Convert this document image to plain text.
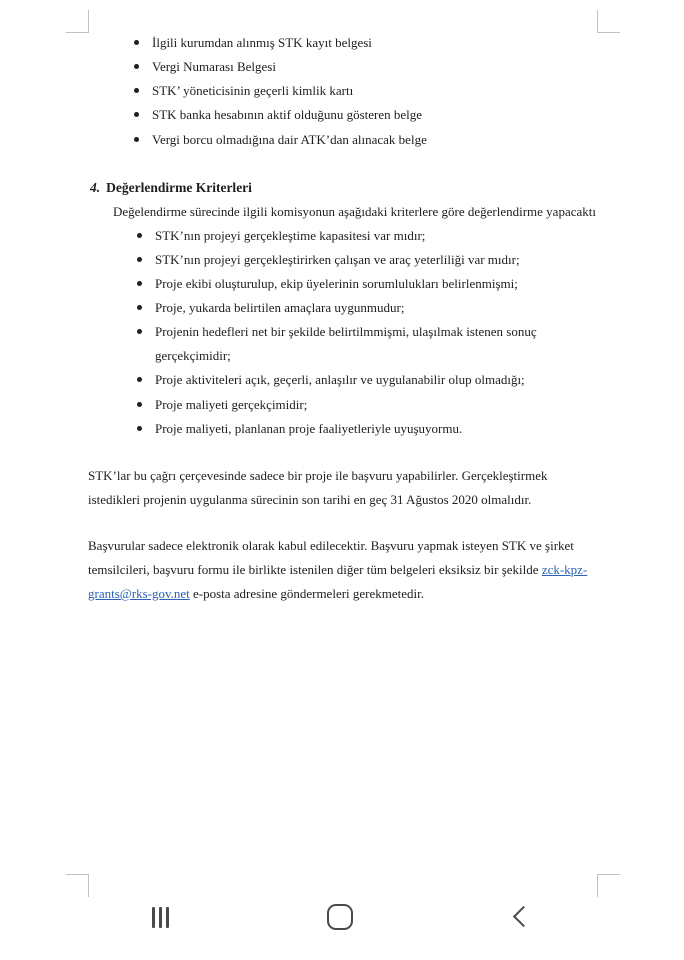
İlgili kurumdan alınmış STK kayıt belgesi
Vergi Numarası Belgesi
STK’ yöneticisinin geçerli kimlik kartı
STK banka hesabının aktif olduğunu gösteren belge
Vergi borcu olmadığına dair ATK’dan alınacak belge
4. Değerlendirme Kriterleri
Değelendirme sürecinde ilgili komisyonun aşağıdaki kriterlere göre değerlendirme yapacaktı
STK’nın projeyi gerçekleştime kapasitesi var mıdır;
STK’nın projeyi gerçekleştirirken çalışan ve araç yeterliliği var mıdır;
Proje ekibi oluşturulup, ekip üyelerinin sorumlulukları belirlenmişmi;
Proje, yukarda belirtilen amaçlara uygunmudur;
Projenin hedefleri net bir şekilde belirtilmmişmi, ulaşılmak istenen sonuç
gerçekçimidir;
Proje aktiviteleri açık, geçerli, anlaşılır ve uygulanabilir olup olmadığı;
Proje maliyeti gerçekçimidir;
Proje maliyeti, planlanan proje faaliyetleriyle uyuşuyormu.
STK’lar bu çağrı çerçevesinde sadece bir proje ile başvuru yapabilirler. Gerçekleştirmek
istedikleri projenin uygulanma sürecinin son tarihi en geç 31 Ağustos 2020 olmalıdır.
Başvurular sadece elektronik olarak kabul edilecektir. Başvuru yapmak isteyen STK ve şirket
temsilcileri, başvuru formu ile birlikte istenilen diğer tüm belgeleri eksiksiz bir şekilde zck-kpz-
grants@rks-gov.net e-posta adresine göndermeleri gerekmetedir.
